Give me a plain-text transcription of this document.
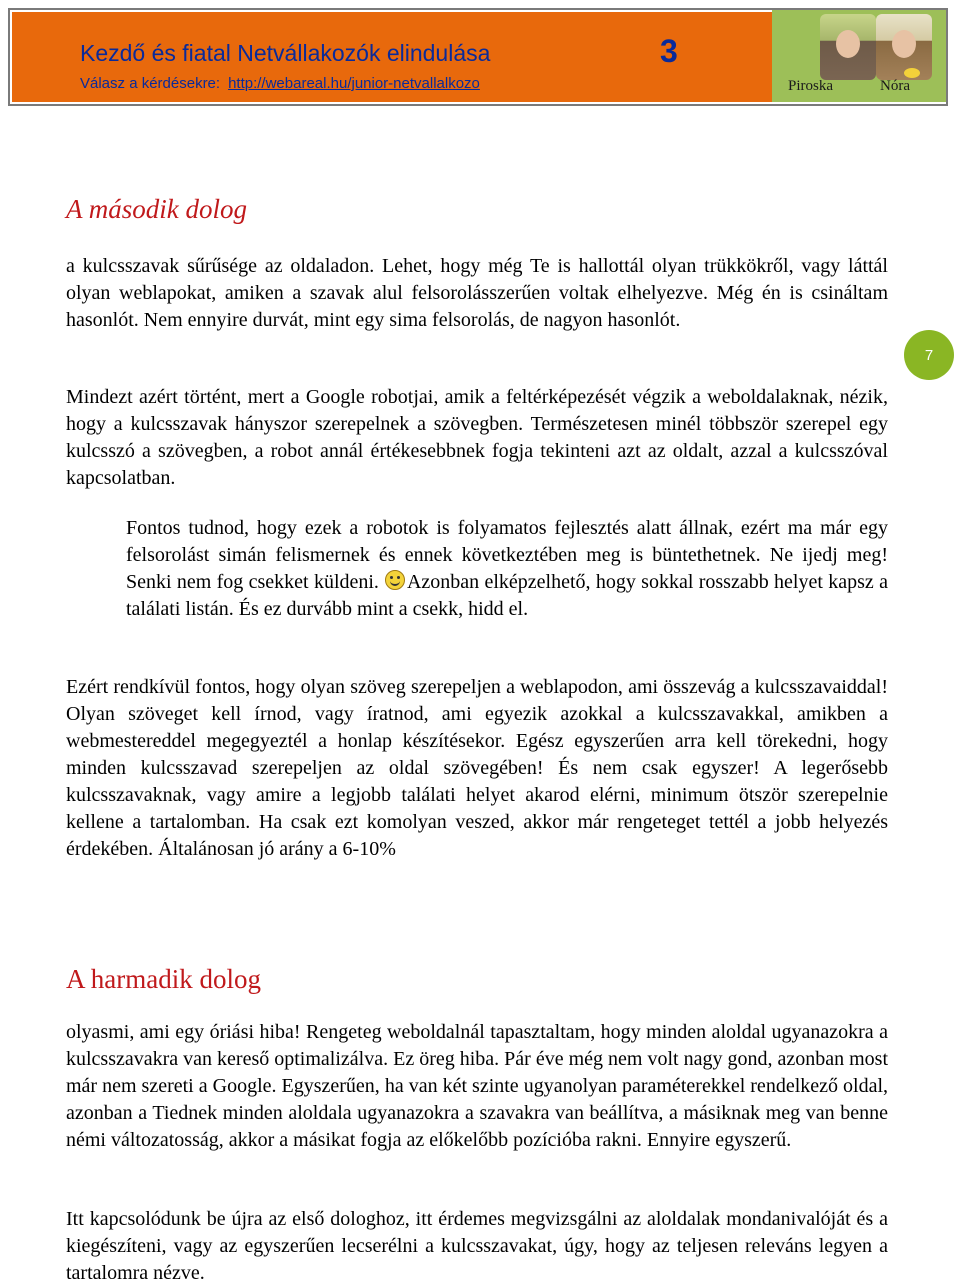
Kezdő és fiatal Netvállakozók elindulása
Válasz a kérdésekre: http://webareal.hu/junior-netvallalkozo
3
Piroska	Nóra
A második dolog
a kulcsszavak sűrűsége az oldaladon. Lehet, hogy még Te is hallottál olyan trükkökről, vagy láttál olyan weblapokat, amiken a szavak alul felsorolásszerűen voltak elhelyezve. Még én is csináltam hasonlót. Nem ennyire durvát, mint egy sima felsorolás, de nagyon hasonlót.
7
Mindezt azért történt, mert a Google robotjai, amik a feltérképezését végzik a weboldalaknak, nézik, hogy a kulcsszavak hányszor szerepelnek a szövegben. Természetesen minél többször szerepel egy kulcsszó a szövegben, a robot annál értékesebbnek fogja tekinteni azt az oldalt, azzal a kulcsszóval kapcsolatban.
Fontos tudnod, hogy ezek a robotok is folyamatos fejlesztés alatt állnak, ezért ma már egy felsorolást simán felismernek és ennek következtében meg is büntethetnek. Ne ijedj meg! Senki nem fog csekket küldeni. Azonban elképzelhető, hogy sokkal rosszabb helyet kapsz a találati listán. És ez durvább mint a csekk, hidd el.
Ezért rendkívül fontos, hogy olyan szöveg szerepeljen a weblapodon, ami összevág a kulcsszavaiddal! Olyan szöveget kell írnod, vagy íratnod, ami egyezik azokkal a kulcsszavakkal, amikben a webmestereddel megegyeztél a honlap készítésekor. Egész egyszerűen arra kell törekedni, hogy minden kulcsszavad szerepeljen az oldal szövegében! És nem csak egyszer! A legerősebb kulcsszavaknak, vagy amire a legjobb találati helyet akarod elérni, minimum ötször szerepelnie kellene a tartalomban. Ha csak ezt komolyan veszed, akkor már rengeteget tettél a jobb helyezés érdekében. Általánosan jó arány a 6-10%
A harmadik dolog
olyasmi, ami egy óriási hiba! Rengeteg weboldalnál tapasztaltam, hogy minden aloldal ugyanazokra a kulcsszavakra van kereső optimalizálva. Ez öreg hiba. Pár éve még nem volt nagy gond, azonban most már nem szereti a Google. Egyszerűen, ha van két szinte ugyanolyan paraméterekkel rendelkező oldal, azonban a Tiednek minden aloldala ugyanazokra a szavakra van beállítva, a másiknak meg van benne némi változatosság, akkor a másikat fogja az előkelőbb pozícióba rakni. Ennyire egyszerű.
Itt kapcsolódunk be újra az első dologhoz, itt érdemes megvizsgálni az aloldalak mondanivalóját és a kiegészíteni, vagy az egyszerűen lecserélni a kulcsszavakat, úgy, hogy az teljesen releváns legyen a tartalomra nézve.
